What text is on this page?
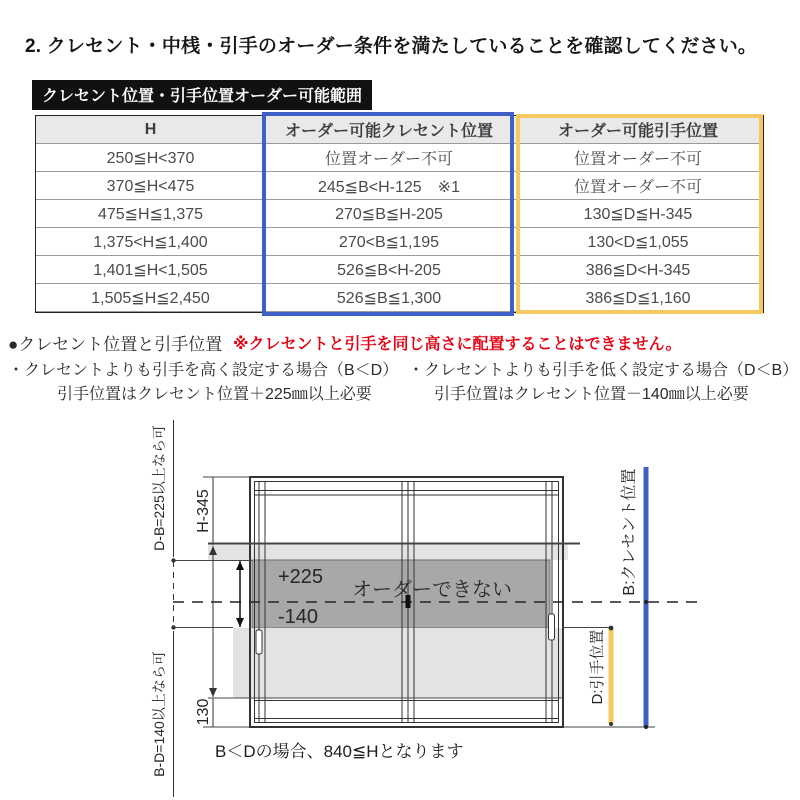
2. クレセント・中桟・引手のオーダー条件を満たしていることを確認してください。
クレセント位置・引手位置オーダー可能範囲
H	オーダー可能クレセント位置	オーダー可能引手位置
250≦H<370	位置オーダー不可	位置オーダー不可
370≦H<475	245≦B<H-125　※1	位置オーダー不可
475≦H≦1,375	270≦B≦H-205	130≦D≦H-345
1,375<H≦1,400	270<B≦1,195	130<D≦1,055
1,401≦H<1,505	526≦B<H-205	386≦D<H-345
1,505≦H≦2,450	526≦B≦1,300	386≦D≦1,160
●クレセント位置と引手位置 ※クレセントと引手を同じ高さに配置することはできません。
・クレセントよりも引手を高く設定する場合（B＜D） ・クレセントよりも引手を低く設定する場合（D＜B）
引手位置はクレセント位置＋225㎜以上必要	引手位置はクレセント位置－140㎜以上必要
+225
オーダーできない
-140
H-345
130
D-B=225以上なら可
B-D=140以上なら可
B:クレセント位置
D:引手位置
B＜Dの場合、840≦Hとなります
